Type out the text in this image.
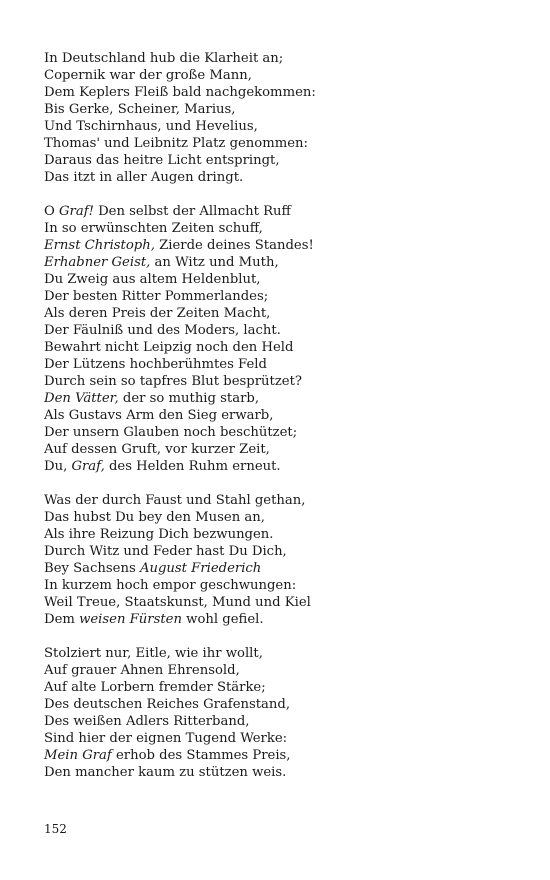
In Deutschland hub die Klarheit an;
Copernik war der große Mann,
Dem Keplers Fleiß bald nachgekommen:
Bis Gerke, Scheiner, Marius,
Und Tschirnhaus, und Hevelius,
Thomas' und Leibnitz Platz genommen:
Daraus das heitre Licht entspringt,
Das itzt in aller Augen dringt.
O Graf! Den selbst der Allmacht Ruff
In so erwünschten Zeiten schuff,
Ernst Christoph, Zierde deines Standes!
Erhabner Geist, an Witz und Muth,
Du Zweig aus altem Heldenblut,
Der besten Ritter Pommerlandes;
Als deren Preis der Zeiten Macht,
Der Fäulniß und des Moders, lacht.
Bewahrt nicht Leipzig noch den Held
Der Lützens hochberühmtes Feld
Durch sein so tapfres Blut besprützet?
Den Vätter, der so muthig starb,
Als Gustavs Arm den Sieg erwarb,
Der unsern Glauben noch beschützet;
Auf dessen Gruft, vor kurzer Zeit,
Du, Graf, des Helden Ruhm erneut.
Was der durch Faust und Stahl gethan,
Das hubst Du bey den Musen an,
Als ihre Reizung Dich bezwungen.
Durch Witz und Feder hast Du Dich,
Bey Sachsens August Friederich
In kurzem hoch empor geschwungen:
Weil Treue, Staatskunst, Mund und Kiel
Dem weisen Fürsten wohl gefiel.
Stolziert nur, Eitle, wie ihr wollt,
Auf grauer Ahnen Ehrensold,
Auf alte Lorbern fremder Stärke;
Des deutschen Reiches Grafenstand,
Des weißen Adlers Ritterband,
Sind hier der eignen Tugend Werke:
Mein Graf erhob des Stammes Preis,
Den mancher kaum zu stützen weis.
152
